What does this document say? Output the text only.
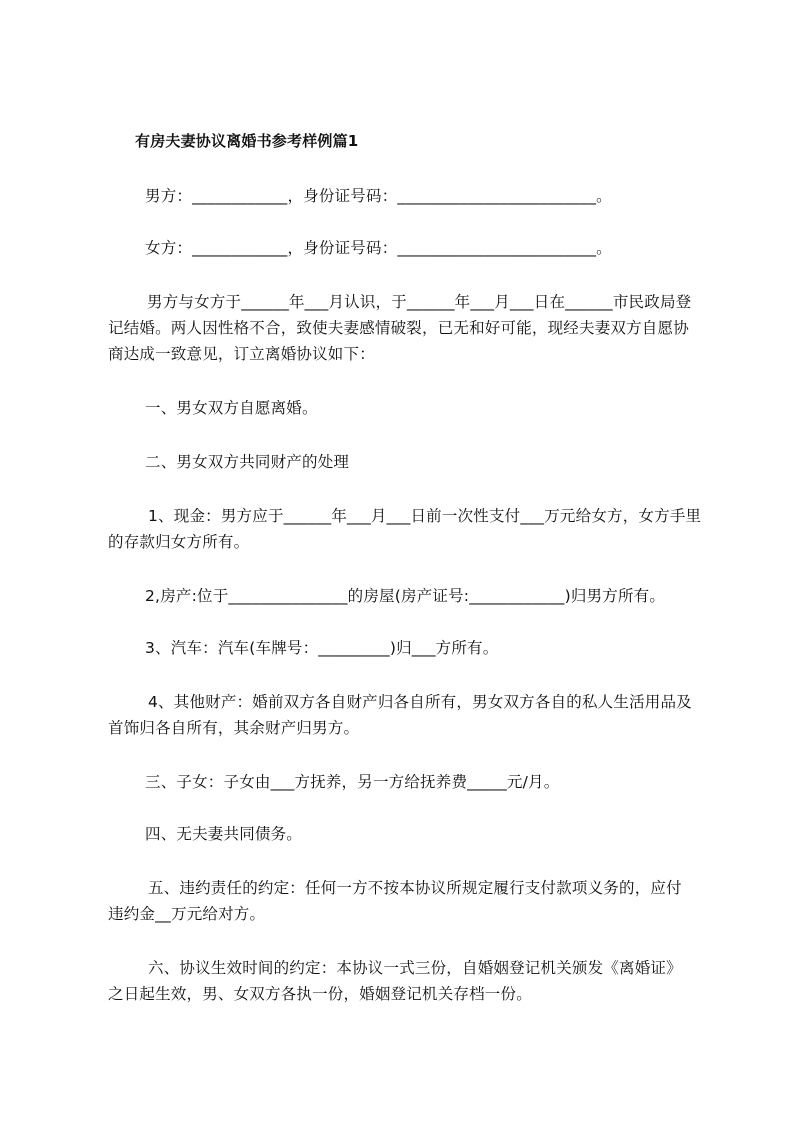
有房夫妻协议离婚书参考样例篇1
男方：____________，身份证号码：_________________________。
女方：____________，身份证号码：_________________________。
男方与女方于______年___月认识，于______年___月___日在______市民政局登
记结婚。两人因性格不合，致使夫妻感情破裂，已无和好可能，现经夫妻双方自愿协
商达成一致意见，订立离婚协议如下：
一、男女双方自愿离婚。
二、男女双方共同财产的处理
1、现金：男方应于______年___月___日前一次性支付___万元给女方，女方手里
的存款归女方所有。
2,房产:位于_______________的房屋(房产证号:____________)归男方所有。
3、汽车：汽车(车牌号：_________)归___方所有。
4、其他财产：婚前双方各自财产归各自所有，男女双方各自的私人生活用品及
首饰归各自所有，其余财产归男方。
三、子女：子女由___方抚养，另一方给抚养费_____元/月。
四、无夫妻共同债务。
五、违约责任的约定：任何一方不按本协议所规定履行支付款项义务的，应付
违约金__万元给对方。
六、协议生效时间的约定：本协议一式三份，自婚姻登记机关颁发《离婚证》
之日起生效，男、女双方各执一份，婚姻登记机关存档一份。
